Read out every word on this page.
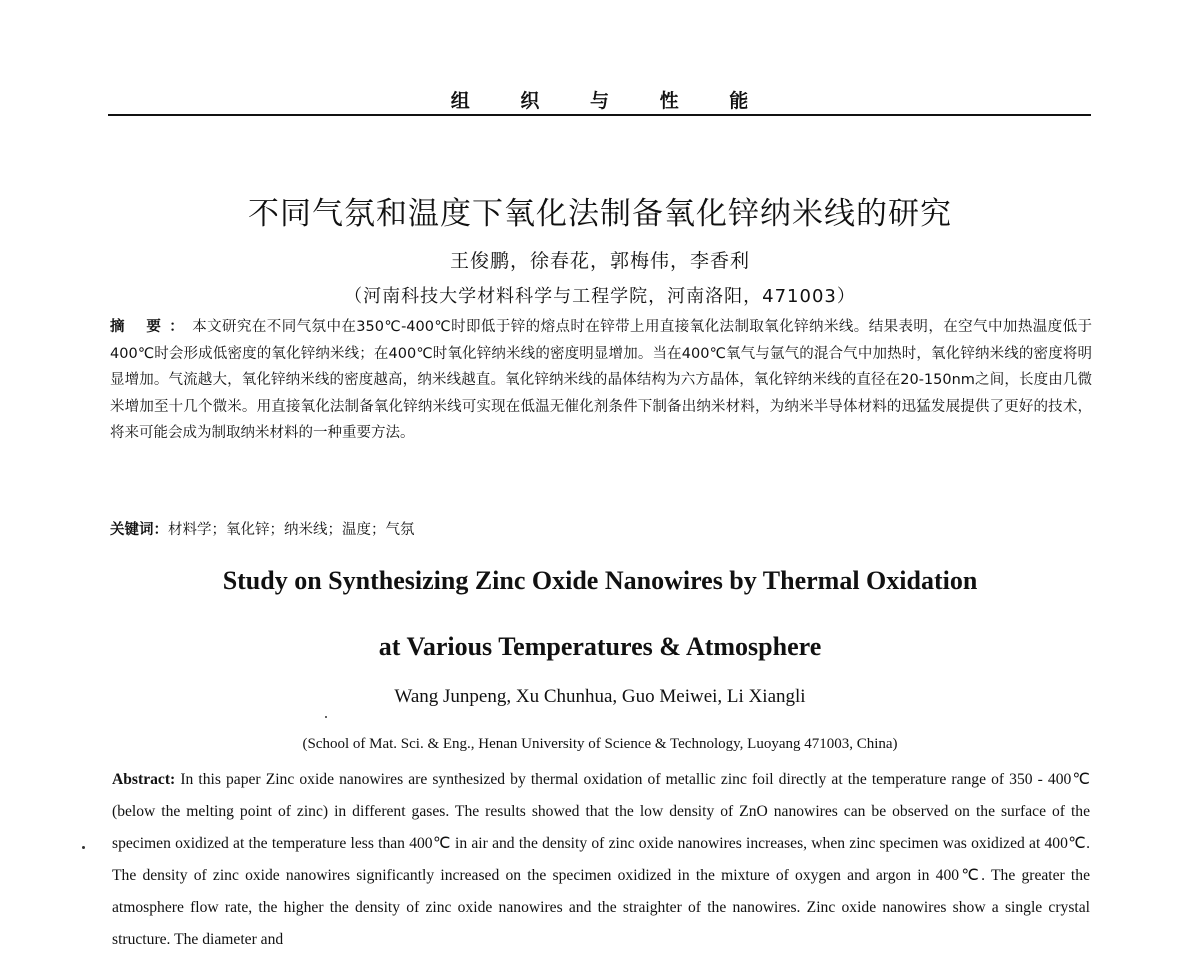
组 织 与 性 能
不同气氛和温度下氧化法制备氧化锌纳米线的研究
王俊鹏，徐春花，郭梅伟，李香利
（河南科技大学材料科学与工程学院，河南洛阳，471003）
摘 要：本文研究在不同气氛中在350℃-400℃时即低于锌的熔点时在锌带上用直接氧化法制取氧化锌纳米线。结果表明，在空气中加热温度低于400℃时会形成低密度的氧化锌纳米线；在400℃时氧化锌纳米线的密度明显增加。当在400℃氧气与氩气的混合气中加热时，氧化锌纳米线的密度将明显增加。气流越大，氧化锌纳米线的密度越高，纳米线越直。氧化锌纳米线的晶体结构为六方晶体，氧化锌纳米线的直径在20-150nm之间，长度由几微米增加至十几个微米。用直接氧化法制备氧化锌纳米线可实现在低温无催化剂条件下制备出纳米材料，为纳米半导体材料的迅猛发展提供了更好的技术，将来可能会成为制取纳米材料的一种重要方法。
关键词：材料学；氧化锌；纳米线；温度；气氛
Study on Synthesizing Zinc Oxide Nanowires by Thermal Oxidation
at Various Temperatures & Atmosphere
Wang Junpeng, Xu Chunhua, Guo Meiwei, Li Xiangli
(School of Mat. Sci. & Eng., Henan University of Science & Technology, Luoyang 471003, China)
Abstract: In this paper Zinc oxide nanowires are synthesized by thermal oxidation of metallic zinc foil directly at the temperature range of 350 - 400℃ (below the melting point of zinc) in different gases. The results showed that the low density of ZnO nanowires can be observed on the surface of the specimen oxidized at the temperature less than 400℃ in air and the density of zinc oxide nanowires increases, when zinc specimen was oxidized at 400℃. The density of zinc oxide nanowires significantly increased on the specimen oxidized in the mixture of oxygen and argon in 400℃. The greater the atmosphere flow rate, the higher the density of zinc oxide nanowires and the straighter of the nanowires. Zinc oxide nanowires show a single crystal structure. The diameter and
